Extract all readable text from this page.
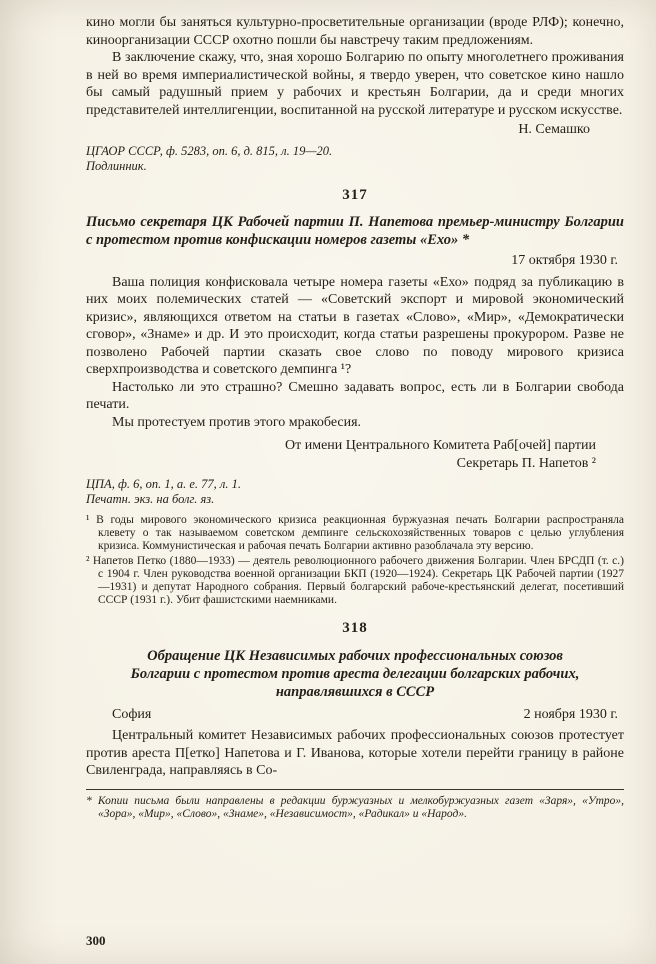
кино могли бы заняться культурно-просветительные организации (вроде РЛФ); конечно, киноорганизации СССР охотно пошли бы навстречу таким предложениям.

В заключение скажу, что, зная хорошо Болгарию по опыту многолетнего проживания в ней во время империалистической войны, я твердо уверен, что советское кино нашло бы самый радушный прием у рабочих и крестьян Болгарии, да и среди многих представителей интеллигенции, воспитанной на русской литературе и русском искусстве.

Н. Семашко

ЦГАОР СССР, ф. 5283, оп. 6, д. 815, л. 19—20.

Подлинник.

317

Письмо секретаря ЦК Рабочей партии П. Напетова премьер-министру Болгарии с протестом против конфискации номеров газеты «Ехо» *

17 октября 1930 г.

Ваша полиция конфисковала четыре номера газеты «Ехо» подряд за публикацию в них моих полемических статей — «Советский экспорт и мировой экономический кризис», являющихся ответом на статьи в газетах «Слово», «Мир», «Демократически сговор», «Знаме» и др. И это происходит, когда статьи разрешены прокурором. Разве не позволено Рабочей партии сказать свое слово по поводу мирового кризиса сверхпроизводства и советского демпинга ¹?

Настолько ли это страшно? Смешно задавать вопрос, есть ли в Болгарии свобода печати.

Мы протестуем против этого мракобесия.

От имени Центрального Комитета Раб[очей] партии

Секретарь П. Напетов ²

ЦПА, ф. 6, оп. 1, а. е. 77, л. 1.

Печатн. экз. на болг. яз.

¹ В годы мирового экономического кризиса реакционная буржуазная печать Болгарии распространяла клевету о так называемом советском демпинге сельскохозяйственных товаров с целью углубления кризиса. Коммунистическая и рабочая печать Болгарии активно разоблачала эту версию.

² Напетов Петко (1880—1933) — деятель революционного рабочего движения Болгарии. Член БРСДП (т. с.) с 1904 г. Член руководства военной организации БКП (1920—1924). Секретарь ЦК Рабочей партии (1927—1931) и депутат Народного собрания. Первый болгарский рабоче-крестьянский делегат, посетивший СССР (1931 г.). Убит фашистскими наемниками.

318

Обращение ЦК Независимых рабочих профессиональных союзов

Болгарии с протестом против ареста делегации болгарских рабочих,

направлявшихся в СССР

София	2 ноября 1930 г.

Центральный комитет Независимых рабочих профессиональных союзов протестует против ареста П[етко] Напетова и Г. Иванова, которые хотели перейти границу в районе Свиленграда, направляясь в Со-

* Копии письма были направлены в редакции буржуазных и мелкобуржуазных газет «Заря», «Утро», «Зора», «Мир», «Слово», «Знаме», «Независимост», «Радикал» и «Народ».

300
